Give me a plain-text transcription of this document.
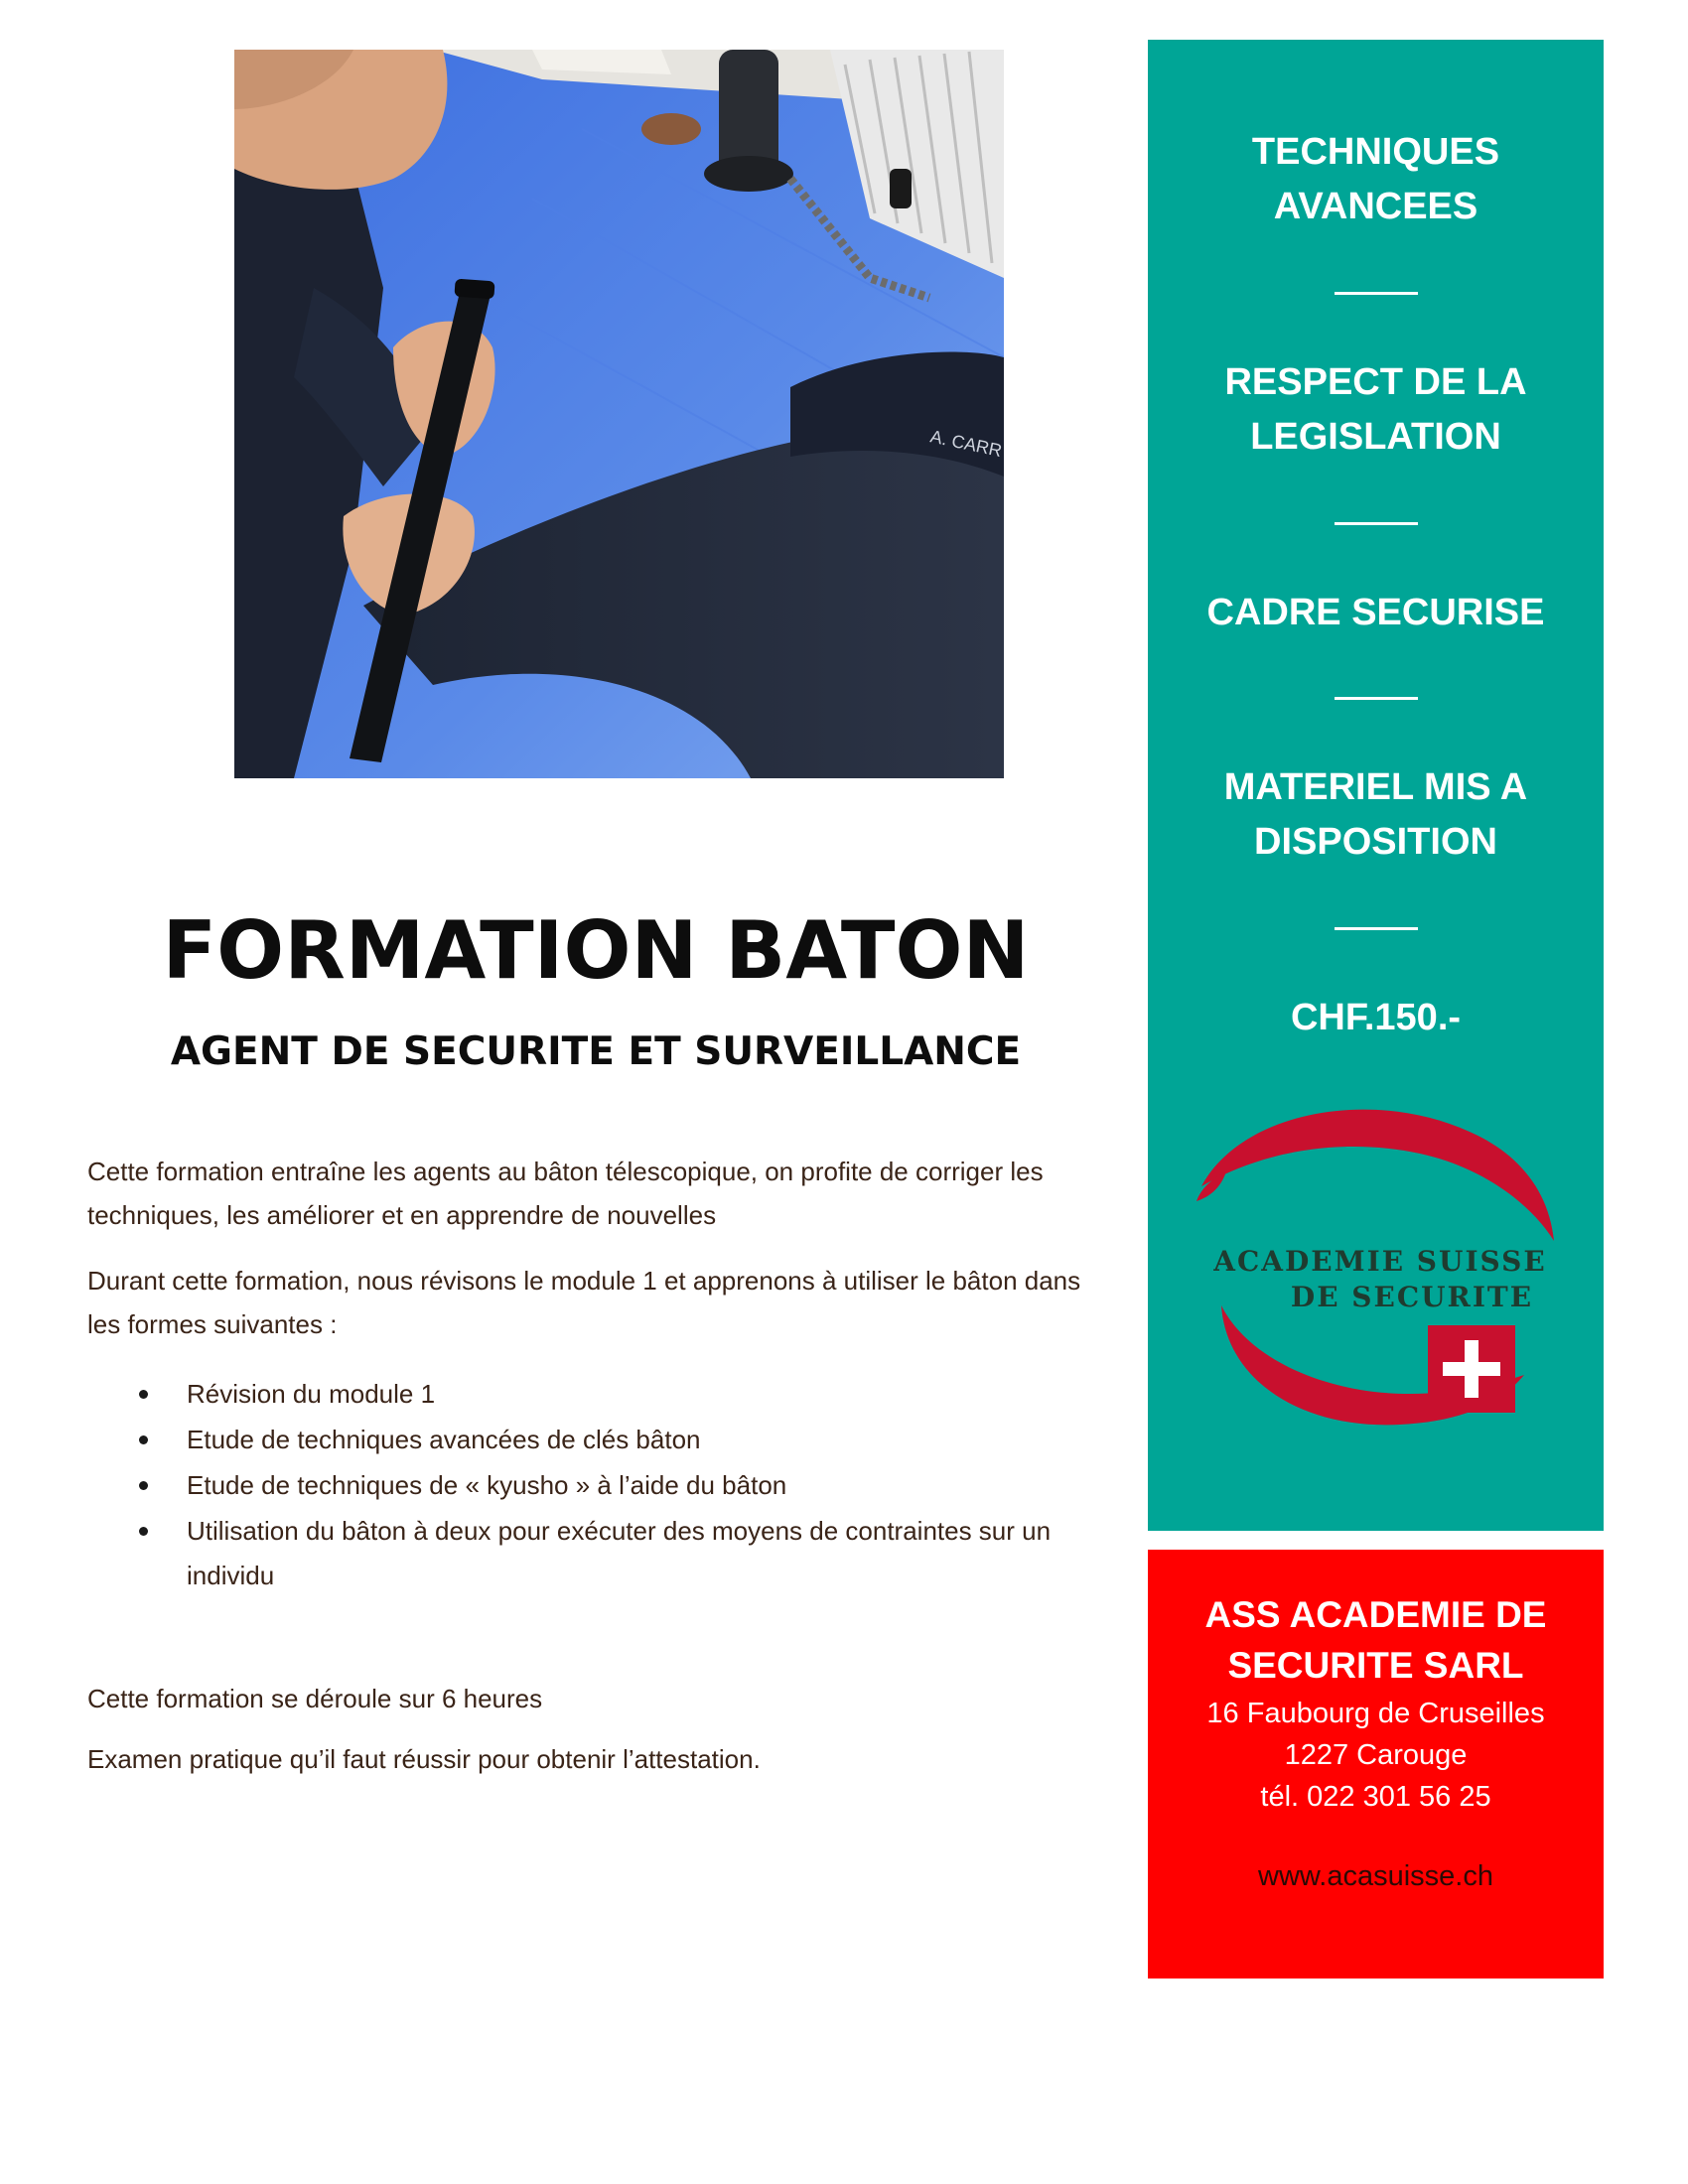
A. CARR
FORMATION BATON
AGENT DE SECURITE ET SURVEILLANCE

Cette formation entraîne les agents au bâton télescopique, on profite de corriger les techniques, les améliorer et en apprendre de nouvelles

Durant cette formation, nous révisons le module 1 et apprenons à utiliser le bâton dans les formes suivantes :

Révision du module 1
Etude de techniques avancées de clés bâton
Etude de techniques de « kyusho » à l’aide du bâton
Utilisation du bâton à deux pour exécuter des moyens de contraintes sur un individu

Cette formation se déroule sur 6 heures

Examen pratique qu’il faut réussir pour obtenir l’attestation.

TECHNIQUES AVANCEES
RESPECT DE LA LEGISLATION
CADRE SECURISE
MATERIEL MIS A DISPOSITION
CHF.150.-
ACADEMIE SUISSE
DE SECURITE
ASS ACADEMIE DE SECURITE SARL
16 Faubourg de Cruseilles
1227 Carouge
tél. 022 301 56 25
www.acasuisse.ch
